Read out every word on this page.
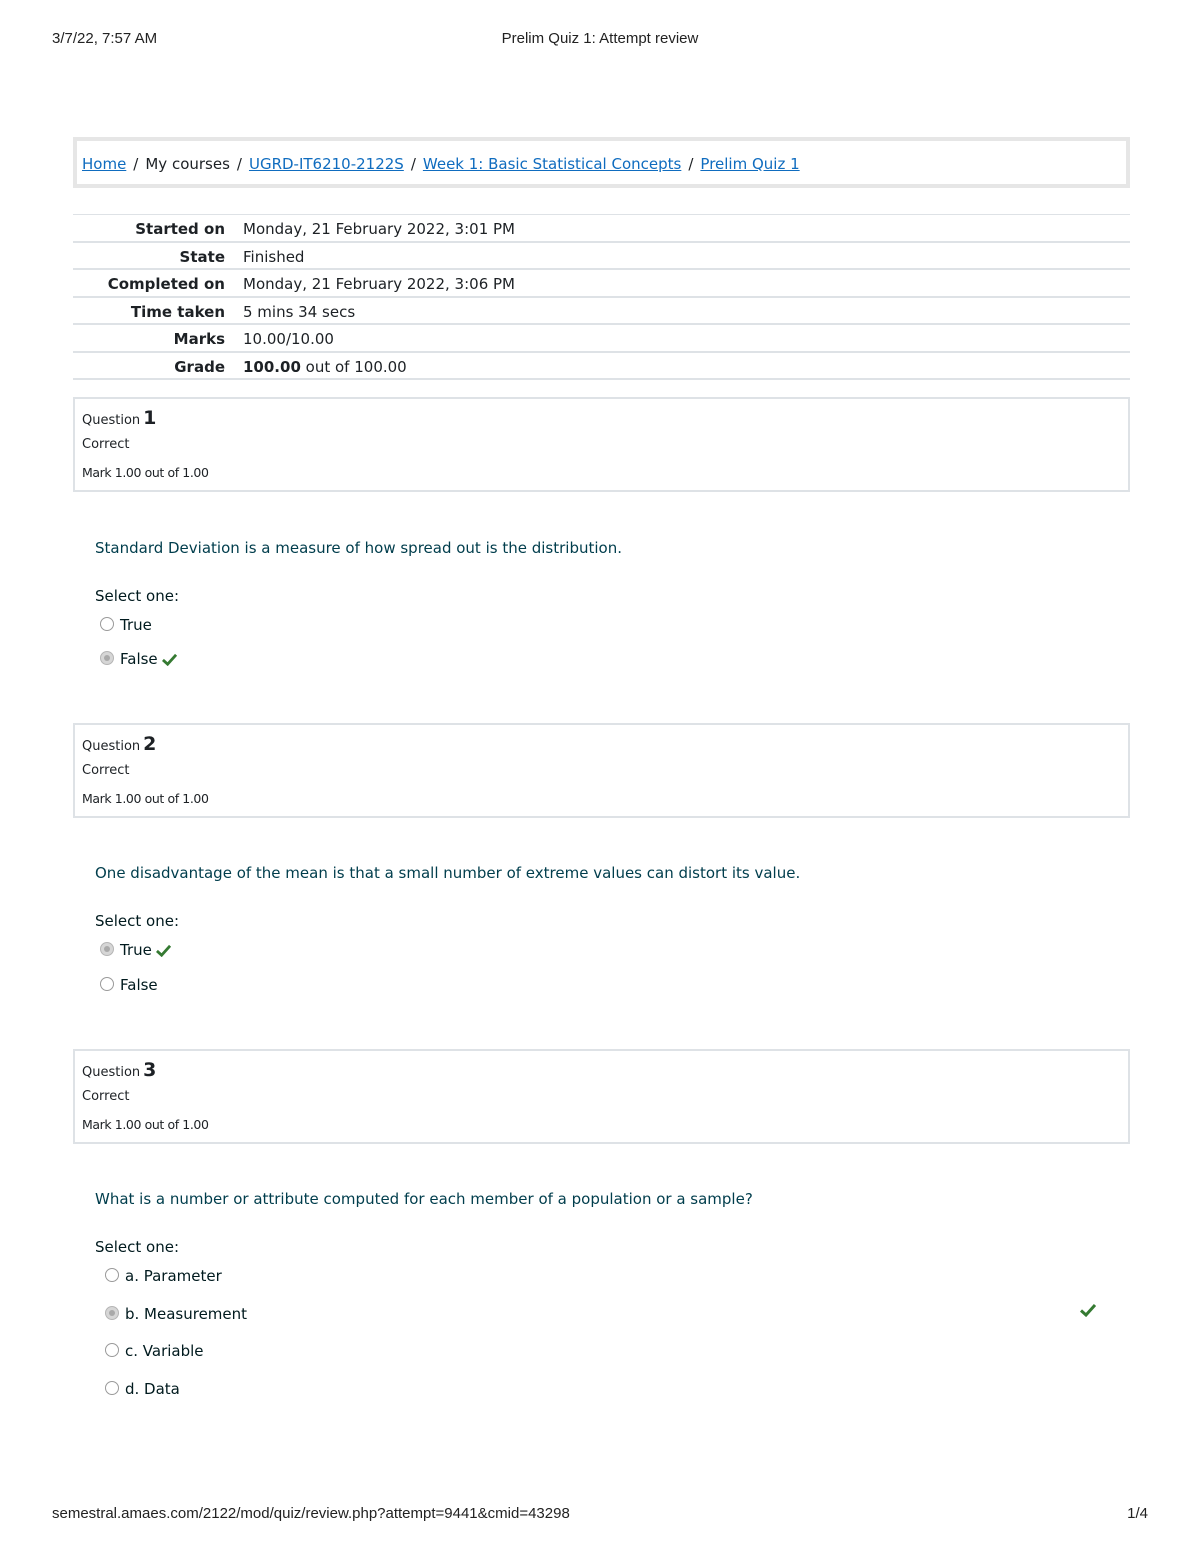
3/7/22, 7:57 AM	Prelim Quiz 1: Attempt review
Home / My courses / UGRD-IT6210-2122S / Week 1: Basic Statistical Concepts / Prelim Quiz 1
Started on Monday, 21 February 2022, 3:01 PM
State Finished
Completed on Monday, 21 February 2022, 3:06 PM
Time taken 5 mins 34 secs
Marks 10.00/10.00
Grade 100.00 out of 100.00
Question 1
Correct
Mark 1.00 out of 1.00
Standard Deviation is a measure of how spread out is the distribution.
Select one:
True
False
Question 2
Correct
Mark 1.00 out of 1.00
One disadvantage of the mean is that a small number of extreme values can distort its value.
Select one:
True
False
Question 3
Correct
Mark 1.00 out of 1.00
What is a number or attribute computed for each member of a population or a sample?
Select one:
a. Parameter
b. Measurement
c. Variable
d. Data
semestral.amaes.com/2122/mod/quiz/review.php?attempt=9441&cmid=43298	1/4
